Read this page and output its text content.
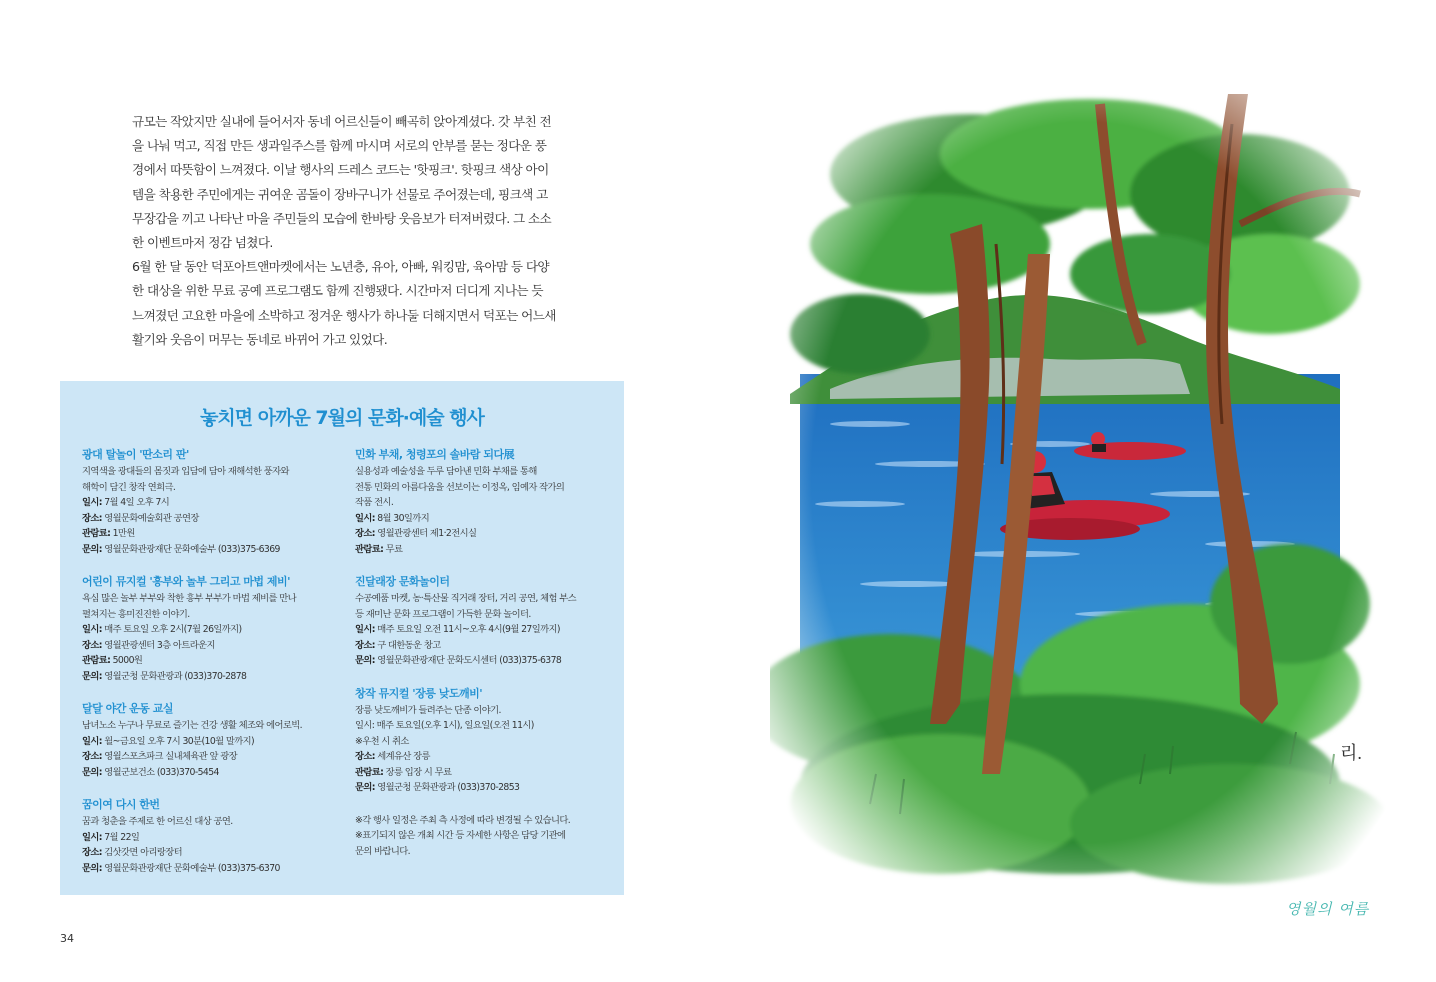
규모는 작았지만 실내에 들어서자 동네 어르신들이 빼곡히 앉아계셨다. 갓 부친 전을 나눠 먹고, 직접 만든 생과일주스를 함께 마시며 서로의 안부를 묻는 정다운 풍경에서 따뜻함이 느껴졌다. 이날 행사의 드레스 코드는 '핫핑크'. 핫핑크 색상 아이템을 착용한 주민에게는 귀여운 곰돌이 장바구니가 선물로 주어졌는데, 핑크색 고무장갑을 끼고 나타난 마을 주민들의 모습에 한바탕 웃음보가 터져버렸다. 그 소소한 이벤트마저 정감 넘쳤다.

6월 한 달 동안 덕포아트앤마켓에서는 노년층, 유아, 아빠, 워킹맘, 육아맘 등 다양한 대상을 위한 무료 공예 프로그램도 함께 진행됐다. 시간마저 더디게 지나는 듯 느껴졌던 고요한 마을에 소박하고 정겨운 행사가 하나둘 더해지면서 덕포는 어느새 활기와 웃음이 머무는 동네로 바뀌어 가고 있었다.

놓치면 아까운 7월의 문화·예술 행사
광대 탈놀이 '딴소리 판'
지역색을 광대들의 몸짓과 입담에 담아 재해석한 풍자와
해학이 담긴 창작 연희극.
일시: 7월 4일 오후 7시
장소: 영월문화예술회관 공연장
관람료: 1만원
문의: 영월문화관광재단 문화예술부 (033)375-6369
어린이 뮤지컬 '흥부와 놀부 그리고 마법 제비'
욕심 많은 놀부 부부와 착한 흥부 부부가 마법 제비를 만나
펼쳐지는 흥미진진한 이야기.
일시: 매주 토요일 오후 2시(7월 26일까지)
장소: 영월관광센터 3층 아트라운지
관람료: 5000원
문의: 영월군청 문화관광과 (033)370-2878
달달 야간 운동 교실
남녀노소 누구나 무료로 즐기는 건강 생활 체조와 에어로빅.
일시: 월~금요일 오후 7시 30분(10월 말까지)
장소: 영월스포츠파크 실내체육관 앞 광장
문의: 영월군보건소 (033)370-5454
꿈이여 다시 한번
꿈과 청춘을 주제로 한 어르신 대상 공연.
일시: 7월 22일
장소: 김삿갓면 아리랑장터
문의: 영월문화관광재단 문화예술부 (033)375-6370
민화 부채, 청령포의 솔바람 되다展
실용성과 예술성을 두루 담아낸 민화 부채를 통해
전통 민화의 아름다움을 선보이는 이정옥, 임예자 작가의
작품 전시.
일시: 8월 30일까지
장소: 영월관광센터 제1·2전시실
관람료: 무료
진달래장 문화놀이터
수공예품 마켓, 농·특산물 직거래 장터, 거리 공연, 체험 부스
등 재미난 문화 프로그램이 가득한 문화 놀이터.
일시: 매주 토요일 오전 11시~오후 4시(9월 27일까지)
장소: 구 대한동운 창고
문의: 영월문화관광재단 문화도시센터 (033)375-6378
창작 뮤지컬 '장릉 낮도깨비'
장릉 낮도깨비가 들려주는 단종 이야기.
일시: 매주 토요일(오후 1시), 일요일(오전 11시)
※우천 시 취소
장소: 세계유산 장릉
관람료: 장릉 입장 시 무료
문의: 영월군청 문화관광과 (033)370-2853
※각 행사 일정은 주최 측 사정에 따라 변경될 수 있습니다.
※표기되지 않은 개최 시간 등 자세한 사항은 담당 기관에
문의 바랍니다.
34
리.
영월의 여름
